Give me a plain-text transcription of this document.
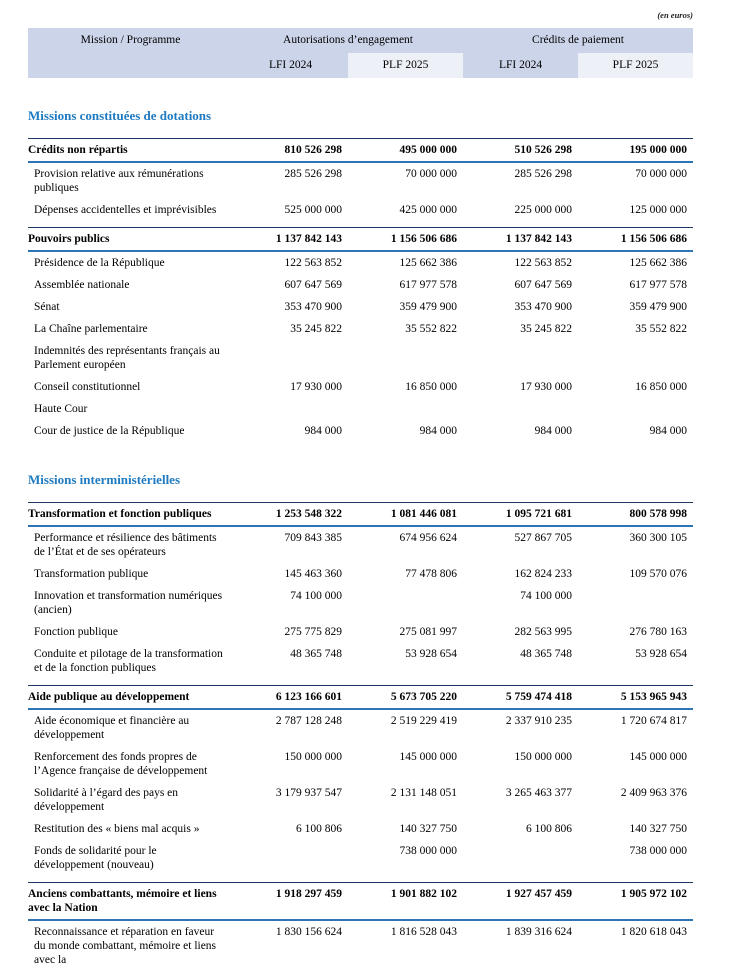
(en euros)
Mission / Programme	Autorisations d’engagement		Crédits de paiement	
	LFI 2024	PLF 2025	LFI 2024	PLF 2025
Missions constituées de dotations
Crédits non répartis	810 526 298	495 000 000	510 526 298	195 000 000
Provision relative aux rémunérations publiques	285 526 298	70 000 000	285 526 298	70 000 000
Dépenses accidentelles et imprévisibles	525 000 000	425 000 000	225 000 000	125 000 000
Pouvoirs publics	1 137 842 143	1 156 506 686	1 137 842 143	1 156 506 686
Présidence de la République	122 563 852	125 662 386	122 563 852	125 662 386
Assemblée nationale	607 647 569	617 977 578	607 647 569	617 977 578
Sénat	353 470 900	359 479 900	353 470 900	359 479 900
La Chaîne parlementaire	35 245 822	35 552 822	35 245 822	35 552 822
Indemnités des représentants français au Parlement européen				
Conseil constitutionnel	17 930 000	16 850 000	17 930 000	16 850 000
Haute Cour				
Cour de justice de la République	984 000	984 000	984 000	984 000
Missions interministérielles
Transformation et fonction publiques	1 253 548 322	1 081 446 081	1 095 721 681	800 578 998
Performance et résilience des bâtiments de l’État et de ses opérateurs	709 843 385	674 956 624	527 867 705	360 300 105
Transformation publique	145 463 360	77 478 806	162 824 233	109 570 076
Innovation et transformation numériques (ancien)	74 100 000		74 100 000	
Fonction publique	275 775 829	275 081 997	282 563 995	276 780 163
Conduite et pilotage de la transformation et de la fonction publiques	48 365 748	53 928 654	48 365 748	53 928 654
Aide publique au développement	6 123 166 601	5 673 705 220	5 759 474 418	5 153 965 943
Aide économique et financière au développement	2 787 128 248	2 519 229 419	2 337 910 235	1 720 674 817
Renforcement des fonds propres de l’Agence française de développement	150 000 000	145 000 000	150 000 000	145 000 000
Solidarité à l’égard des pays en développement	3 179 937 547	2 131 148 051	3 265 463 377	2 409 963 376
Restitution des « biens mal acquis »	6 100 806	140 327 750	6 100 806	140 327 750
Fonds de solidarité pour le développement (nouveau)		738 000 000		738 000 000
Anciens combattants, mémoire et liens avec la Nation	1 918 297 459	1 901 882 102	1 927 457 459	1 905 972 102
Reconnaissance et réparation en faveur du monde combattant, mémoire et liens avec la	1 830 156 624	1 816 528 043	1 839 316 624	1 820 618 043
